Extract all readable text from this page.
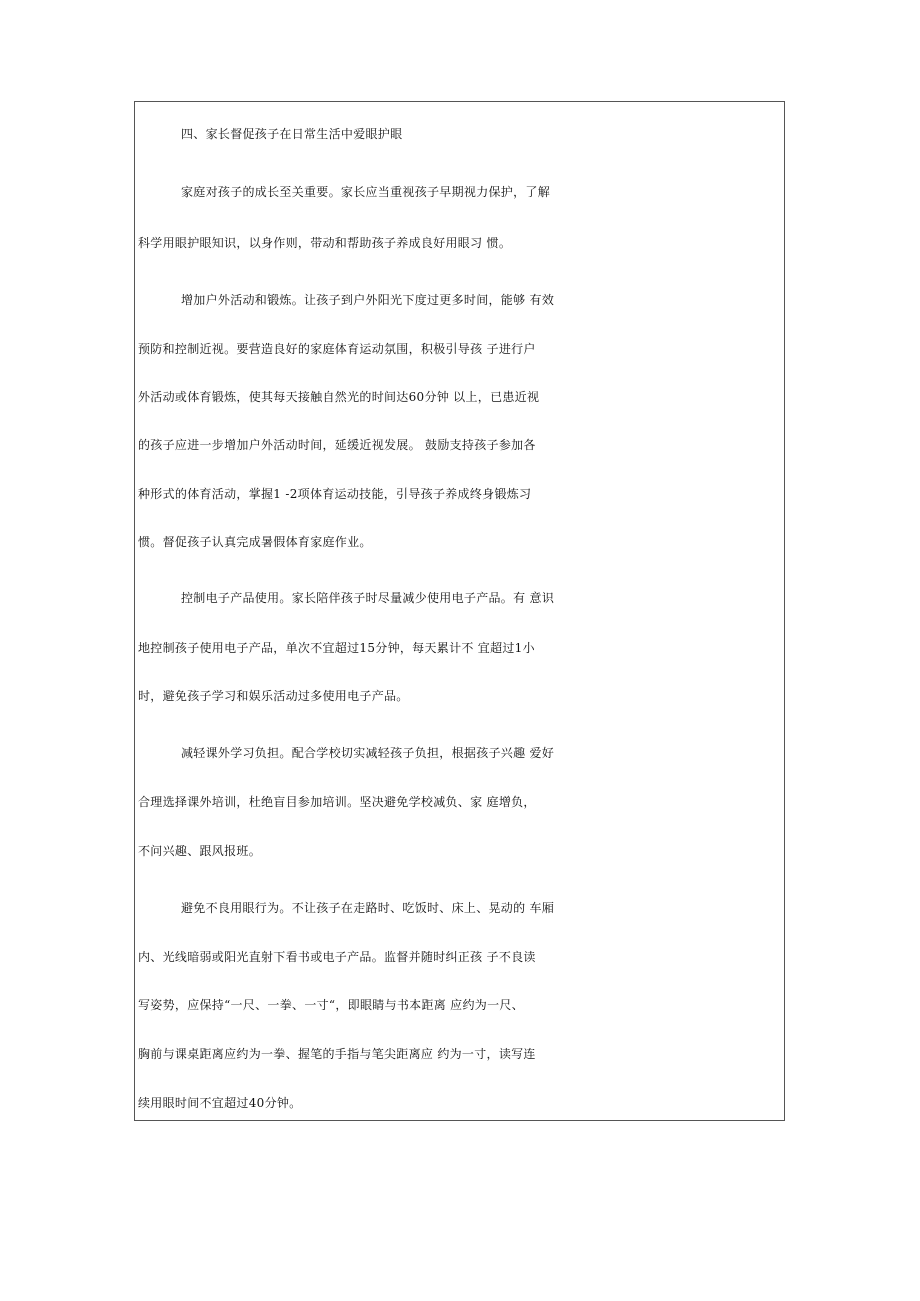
四、家长督促孩子在日常生活中爱眼护眼
家庭对孩子的成长至关重要。家长应当重视孩子早期视力保护，了解
科学用眼护眼知识，以身作则，带动和帮助孩子养成良好用眼习 惯。
增加户外活动和锻炼。让孩子到户外阳光下度过更多时间，能够 有效
预防和控制近视。要营造良好的家庭体育运动氛围，积极引导孩 子进行户
外活动或体育锻炼，使其每天接触自然光的时间达60分钟 以上，已患近视
的孩子应进一步增加户外活动时间，延缓近视发展。 鼓励支持孩子参加各
种形式的体育活动，掌握1 -2项体育运动技能，引导孩子养成终身锻炼习
惯。督促孩子认真完成暑假体育家庭作业。
控制电子产品使用。家长陪伴孩子时尽量减少使用电子产品。有 意识
地控制孩子使用电子产品，单次不宜超过15分钟，每天累计不 宜超过1小
时，避免孩子学习和娱乐活动过多使用电子产品。
减轻课外学习负担。配合学校切实减轻孩子负担，根据孩子兴趣 爱好
合理选择课外培训，杜绝盲目参加培训。坚决避免学校减负、家 庭增负，
不问兴趣、跟风报班。
避免不良用眼行为。不让孩子在走路时、吃饭时、床上、晃动的 车厢
内、光线暗弱或阳光直射下看书或电子产品。监督并随时纠正孩 子不良读
写姿势，应保持“一尺、一拳、一寸“，即眼睛与书本距离 应约为一尺、
胸前与课桌距离应约为一拳、握笔的手指与笔尖距离应 约为一寸，读写连
续用眼时间不宜超过40分钟。
